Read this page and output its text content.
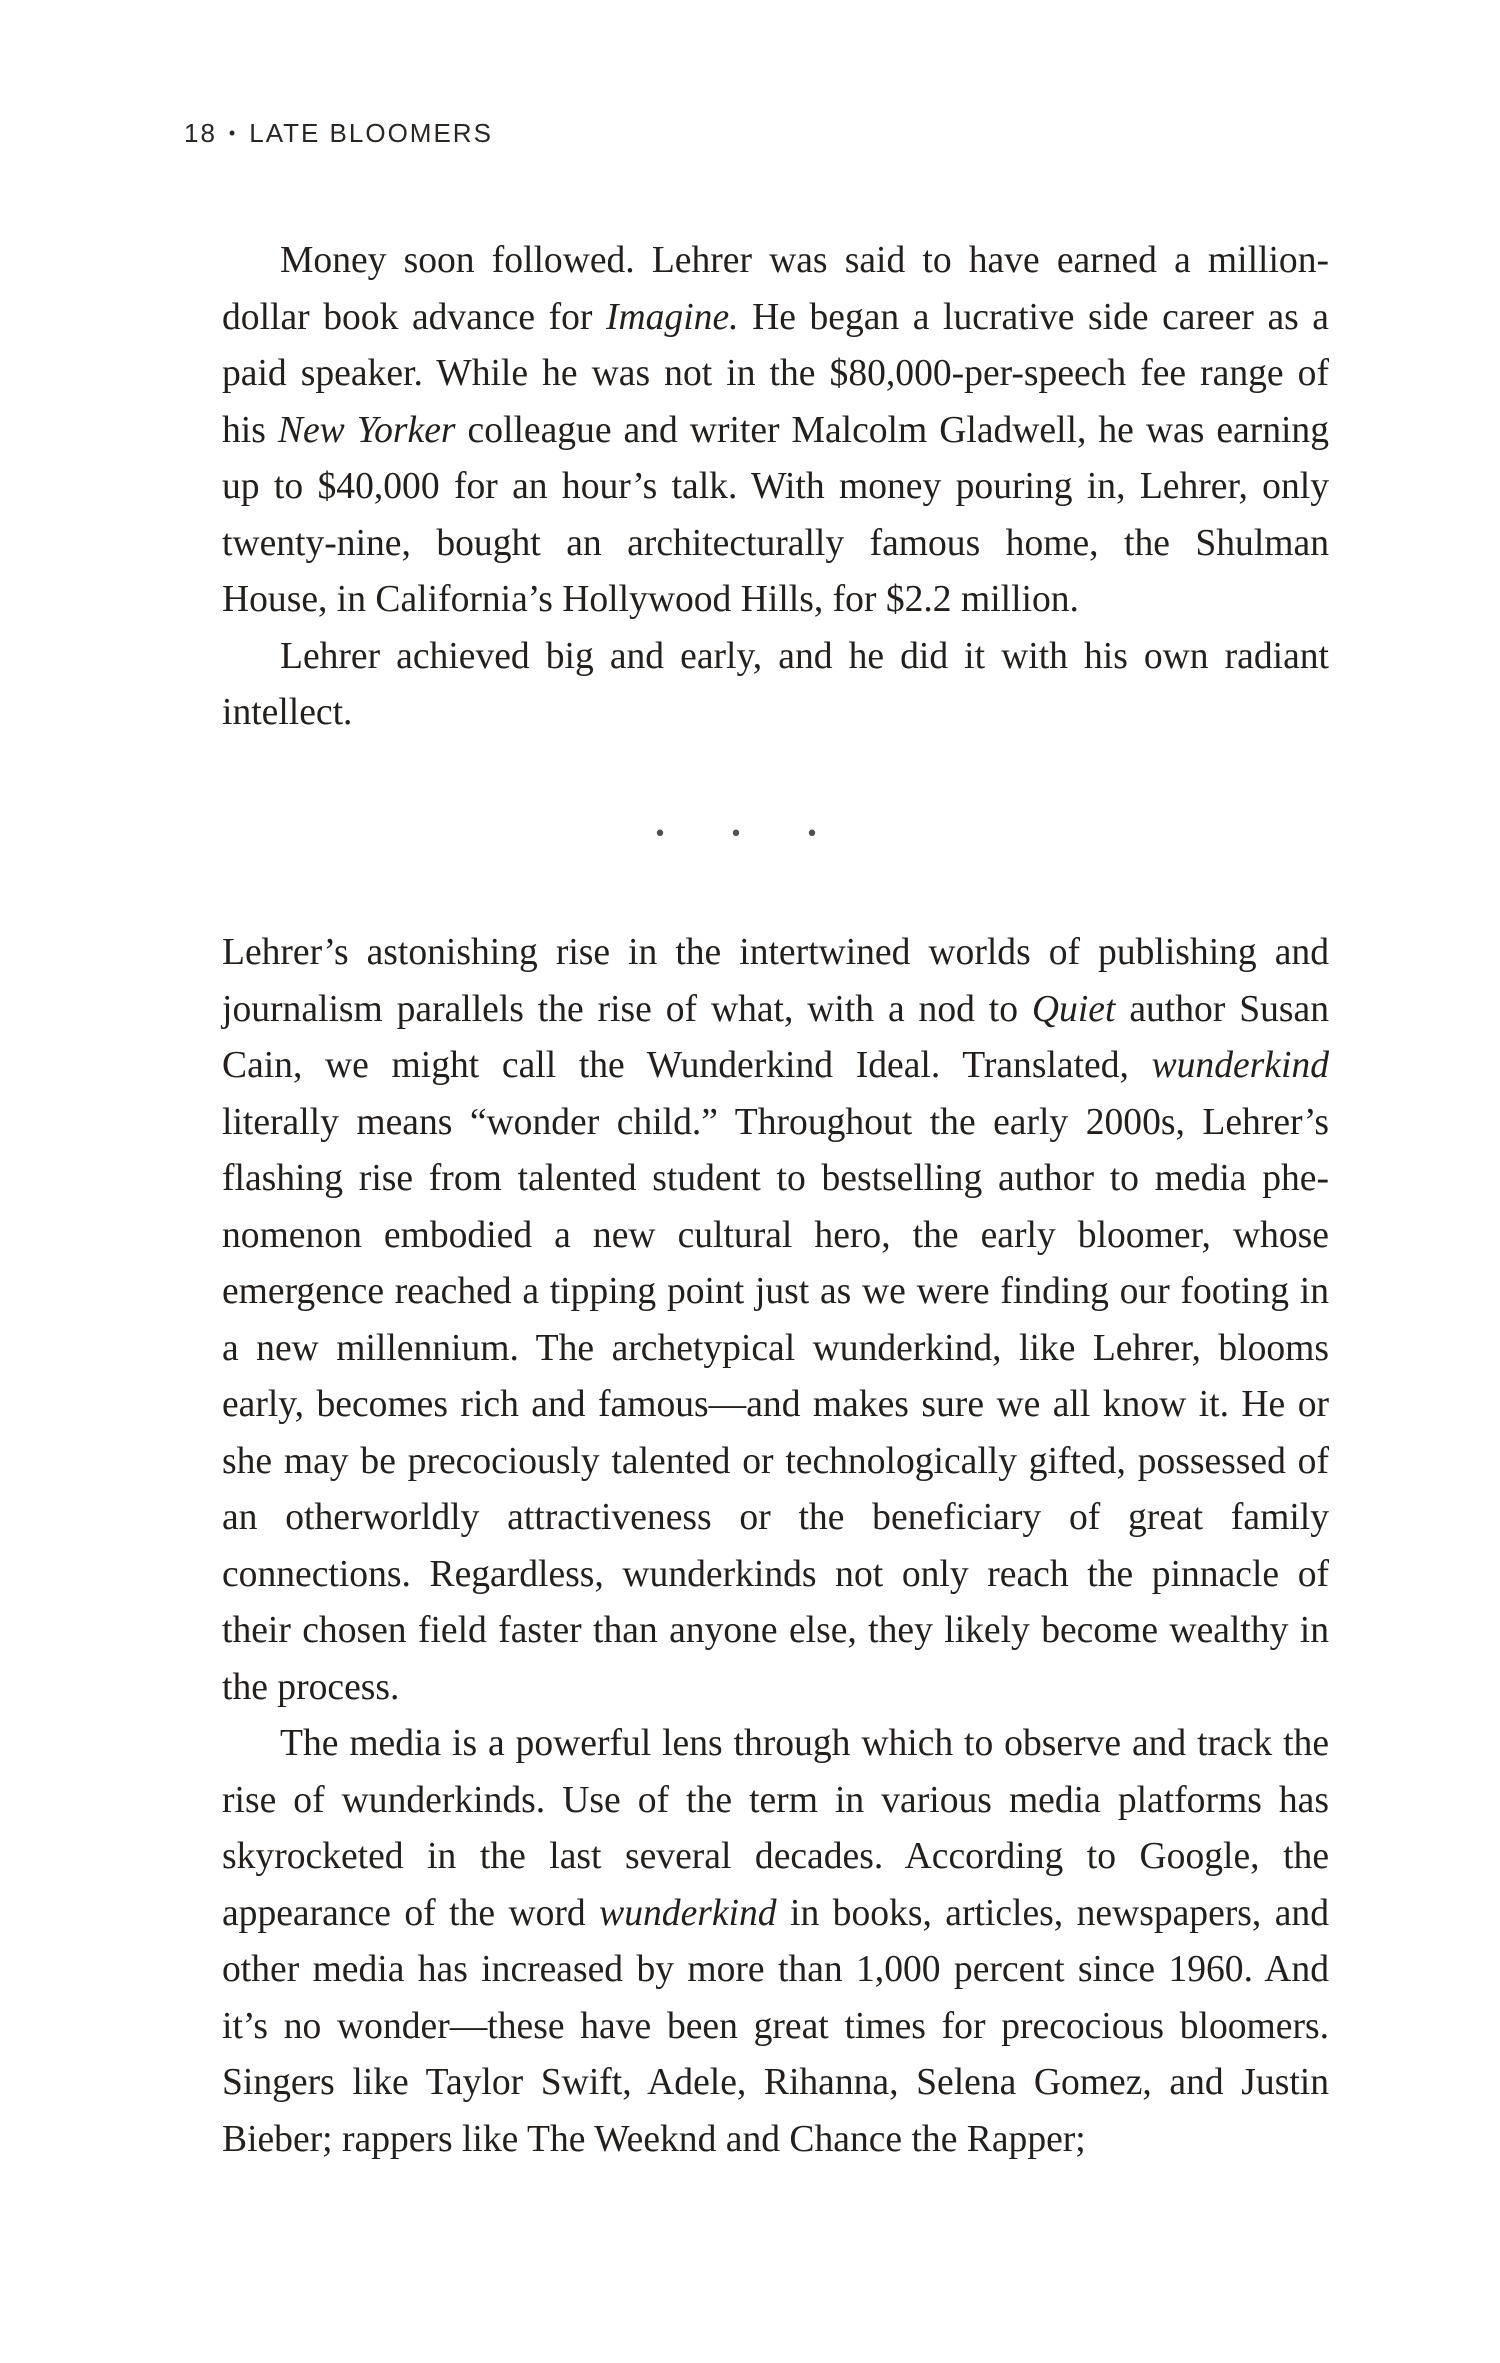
18 • LATE BLOOMERS

Money soon followed. Lehrer was said to have earned a million-dollar book advance for Imagine. He began a lucrative side career as a paid speaker. While he was not in the $80,000-per-speech fee range of his New Yorker colleague and writer Malcolm Gladwell, he was earning up to $40,000 for an hour’s talk. With money pouring in, Lehrer, only twenty-nine, bought an architecturally famous home, the Shulman House, in California’s Hollywood Hills, for $2.2 million.

Lehrer achieved big and early, and he did it with his own radiant intellect.

• • •

Lehrer’s astonishing rise in the intertwined worlds of publishing and journalism parallels the rise of what, with a nod to Quiet author Susan Cain, we might call the Wunderkind Ideal. Translated, wunderkind literally means “wonder child.” Throughout the early 2000s, Lehrer’s flashing rise from talented student to bestselling author to media phenomenon embodied a new cultural hero, the early bloomer, whose emergence reached a tipping point just as we were finding our footing in a new millennium. The archetypical wunderkind, like Lehrer, blooms early, becomes rich and famous—and makes sure we all know it. He or she may be precociously talented or technologically gifted, possessed of an otherworldly attractiveness or the beneficiary of great family connections. Regardless, wunderkinds not only reach the pinnacle of their chosen field faster than anyone else, they likely become wealthy in the process.

The media is a powerful lens through which to observe and track the rise of wunderkinds. Use of the term in various media platforms has skyrocketed in the last several decades. According to Google, the appearance of the word wunderkind in books, articles, newspapers, and other media has increased by more than 1,000 percent since 1960. And it’s no wonder—these have been great times for precocious bloomers. Singers like Taylor Swift, Adele, Rihanna, Selena Gomez, and Justin Bieber; rappers like The Weeknd and Chance the Rapper;
